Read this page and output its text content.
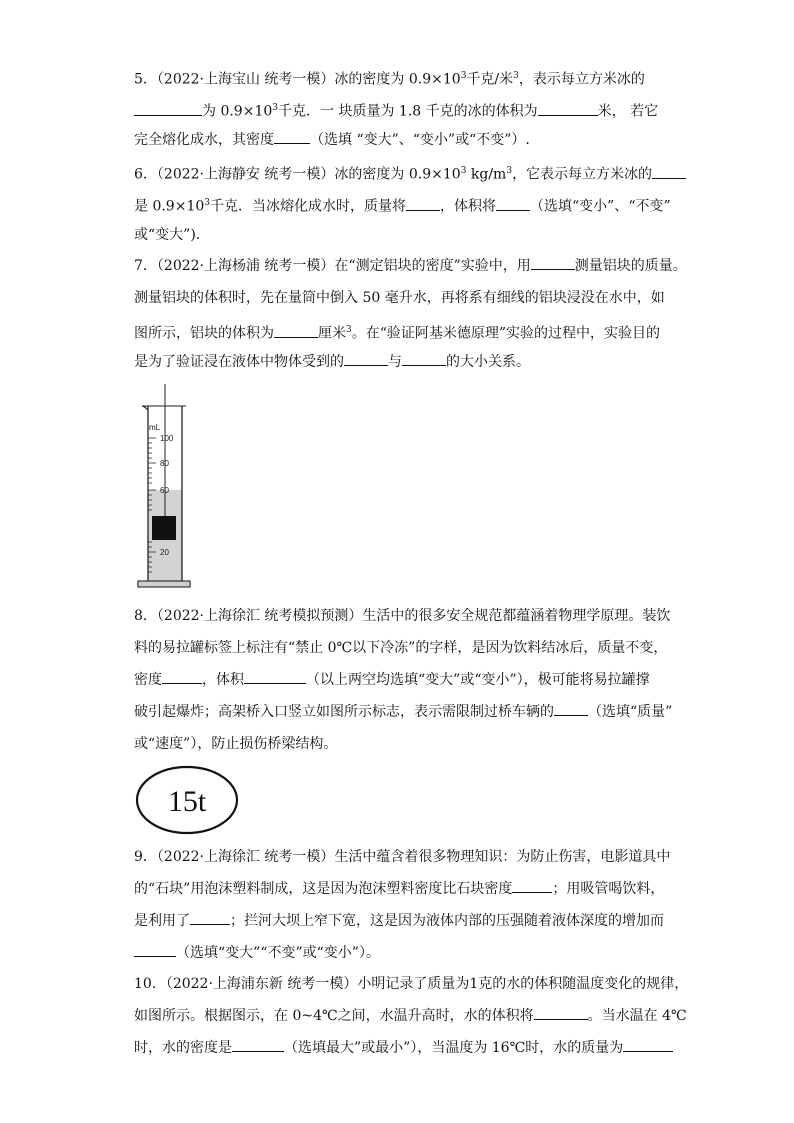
5．（2022·上海宝山 统考一模）冰的密度为 $0.9\times 10^3$千克/米$^3$，表示每立方米冰的
为 $0.9\times 10^3$千克．一 块质量为 1.8 千克的冰的体积为	米， 若它
完全熔化成水，其密度	（选填 “变大”、“变小”或“不变”）.
6．（2022·上海静安 统考一模）冰的密度为 $0.9\times 10^3$ $kg/m^3$，它表示每立方米冰的
是 $0.9\times 10^3$千克．当冰熔化成水时，质量将 ，体积将 （选填“变小”、“不变”
或“变大”).
7．（2022·上海杨浦 统考一模）在“测定铝块的密度”实验中，用	测量铝块的质量。
测量铝块的体积时，先在量筒中倒入 50 毫升水，再将系有细线的铝块浸没在水中，如
图所示，铝块的体积为	厘米$^3$。在“验证阿基米德原理”实验的过程中，实验目的
是为了验证浸在液体中物体受到的	与	的大小关系。
mL
100
80
60
20
8．（2022·上海徐汇 统考模拟预测）生活中的很多安全规范都蕴涵着物理学原理。装饮
料的易拉罐标签上标注有“禁止 0℃以下冷冻”的字样，是因为饮料结冰后，质量不变，
密度	，体积	（以上两空均选填“变大”或“变小”），极可能将易拉罐撑
破引起爆炸；高架桥入口竖立如图所示标志，表示需限制过桥车辆的 （选填“质量”
或“速度”），防止损伤桥梁结构。
15t
9．（2022·上海徐汇 统考一模）生活中蕴含着很多物理知识：为防止伤害，电影道具中
的“石块”用泡沫塑料制成，这是因为泡沫塑料密度比石块密度	；用吸管喝饮料，
是利用了	；拦河大坝上窄下宽，这是因为液体内部的压强随着液体深度的增加而
（选填“变大”“不变”或“变小”）。
10．（2022·上海浦东新 统考一模）小明记录了质量为1克的水的体积随温度变化的规律，
如图所示。根据图示，在 0~4℃之间，水温升高时，水的体积将	。当水温在 4℃
时，水的密度是	（选填最大”或最小”），当温度为 16℃时，水的质量为
